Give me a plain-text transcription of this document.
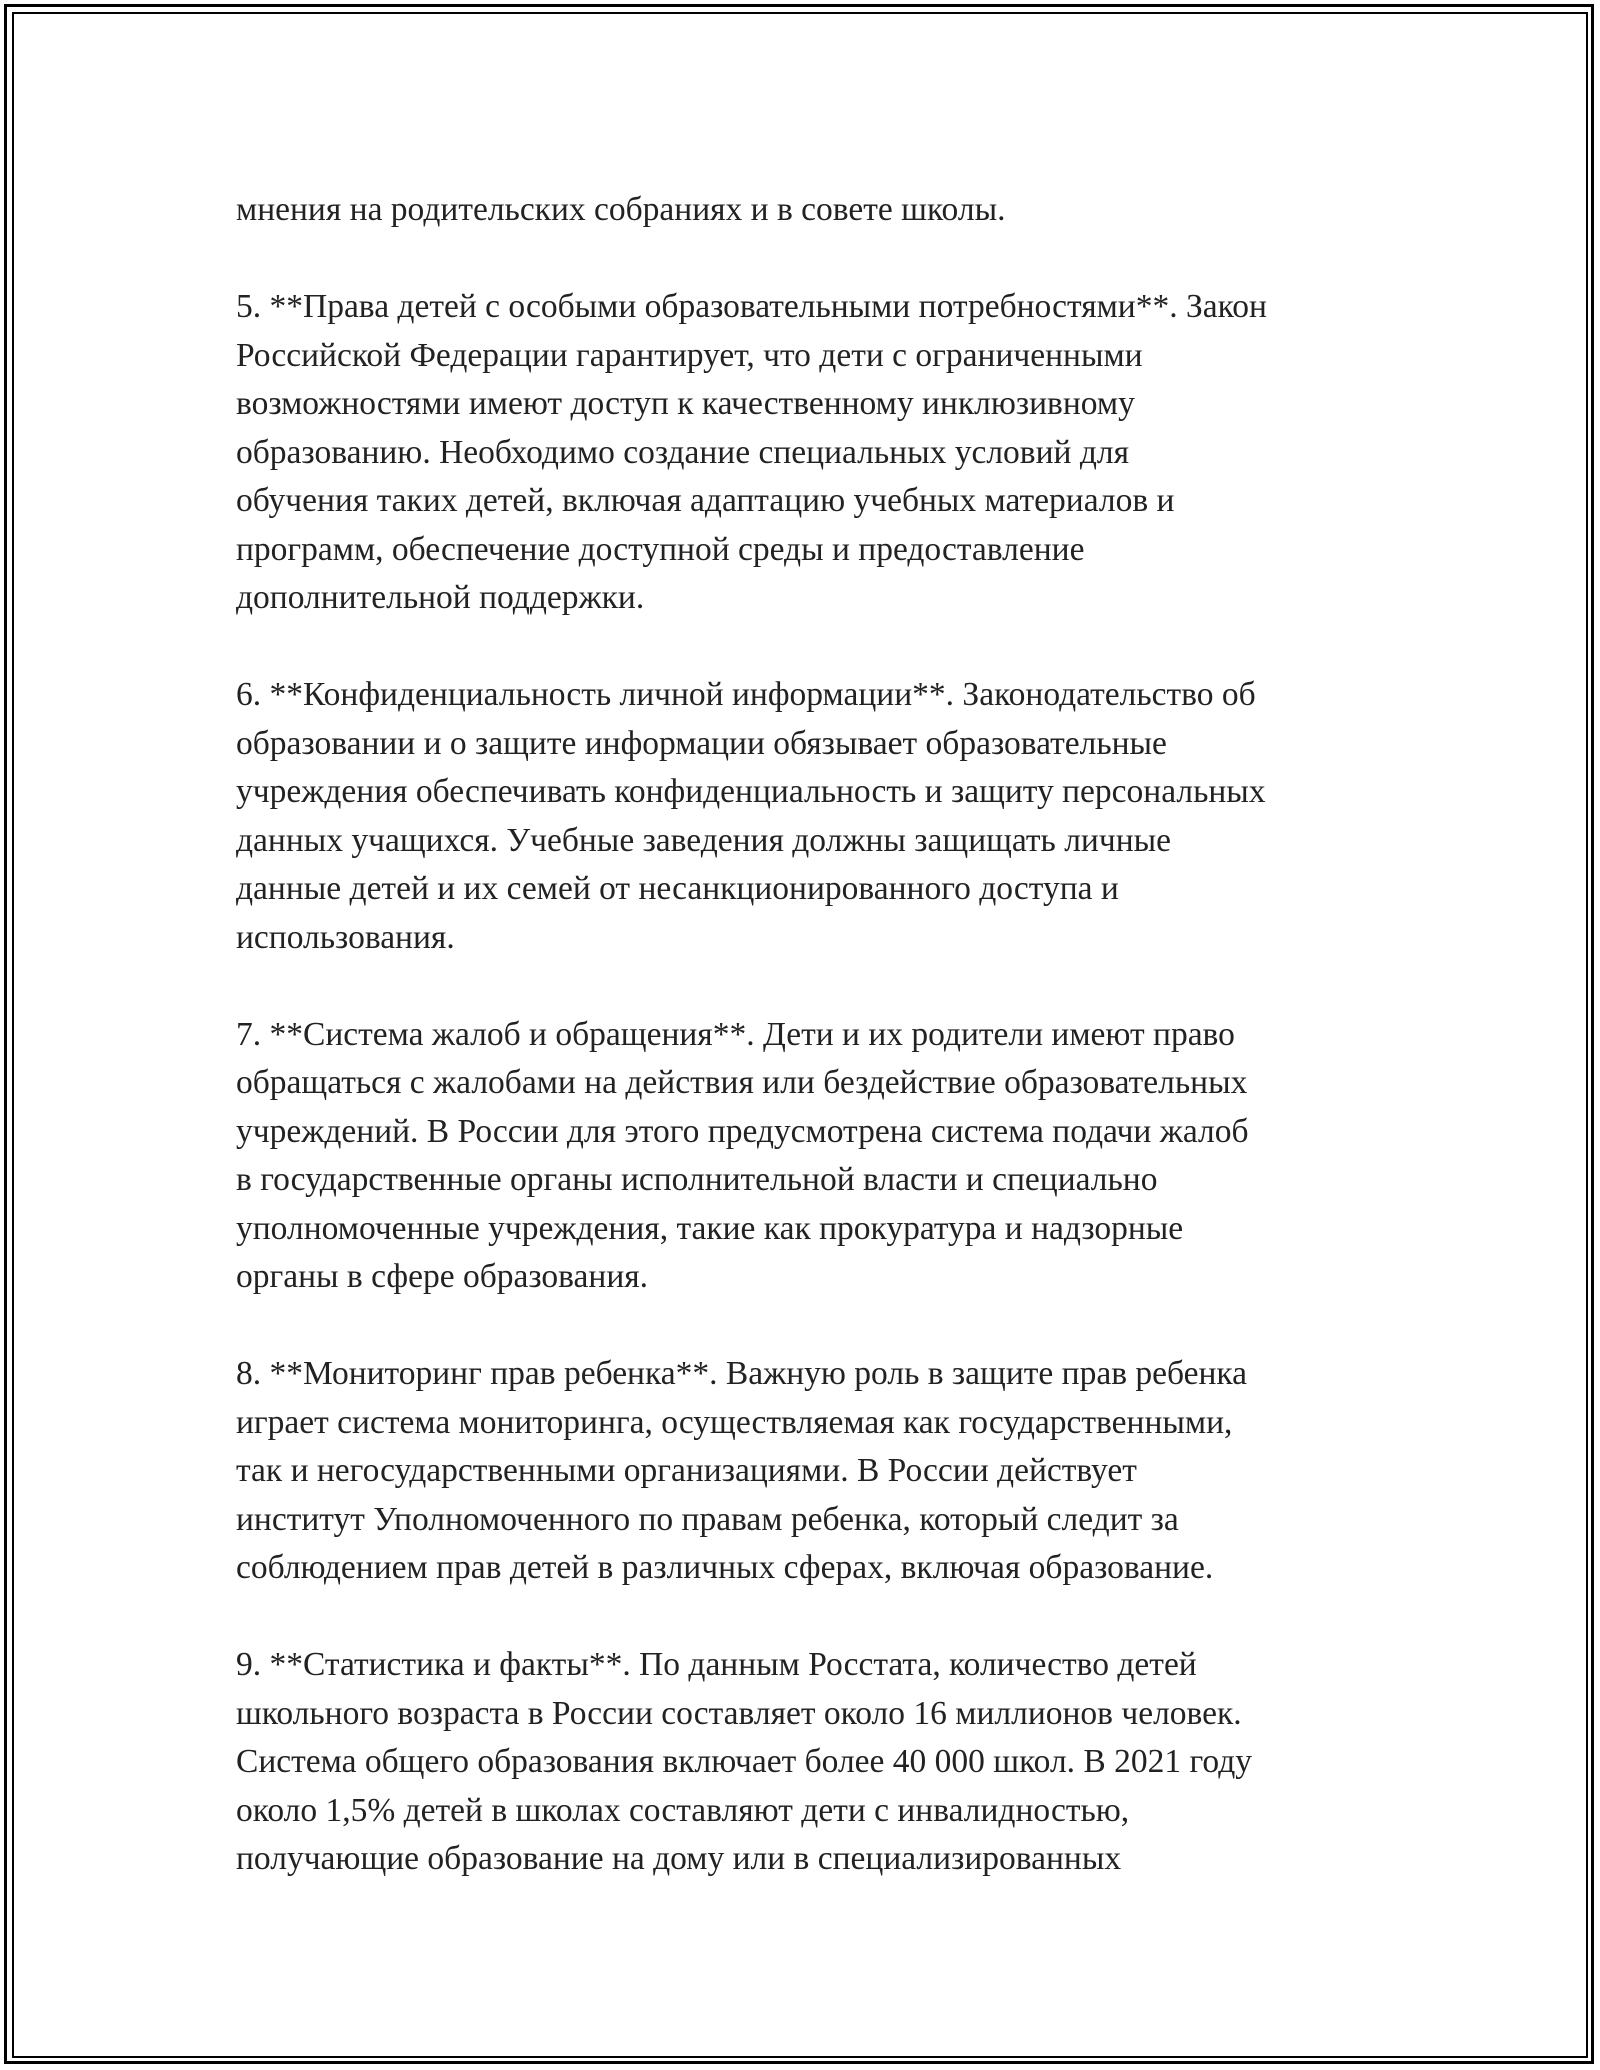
мнения на родительских собраниях и в совете школы.
5. **Права детей с особыми образовательными потребностями**. Закон
Российской Федерации гарантирует, что дети с ограниченными
возможностями имеют доступ к качественному инклюзивному
образованию. Необходимо создание специальных условий для
обучения таких детей, включая адаптацию учебных материалов и
программ, обеспечение доступной среды и предоставление
дополнительной поддержки.
6. **Конфиденциальность личной информации**. Законодательство об
образовании и о защите информации обязывает образовательные
учреждения обеспечивать конфиденциальность и защиту персональных
данных учащихся. Учебные заведения должны защищать личные
данные детей и их семей от несанкционированного доступа и
использования.
7. **Система жалоб и обращения**. Дети и их родители имеют право
обращаться с жалобами на действия или бездействие образовательных
учреждений. В России для этого предусмотрена система подачи жалоб
в государственные органы исполнительной власти и специально
уполномоченные учреждения, такие как прокуратура и надзорные
органы в сфере образования.
8. **Мониторинг прав ребенка**. Важную роль в защите прав ребенка
играет система мониторинга, осуществляемая как государственными,
так и негосударственными организациями. В России действует
институт Уполномоченного по правам ребенка, который следит за
соблюдением прав детей в различных сферах, включая образование.
9. **Статистика и факты**. По данным Росстата, количество детей
школьного возраста в России составляет около 16 миллионов человек.
Система общего образования включает более 40 000 школ. В 2021 году
около 1,5% детей в школах составляют дети с инвалидностью,
получающие образование на дому или в специализированных
